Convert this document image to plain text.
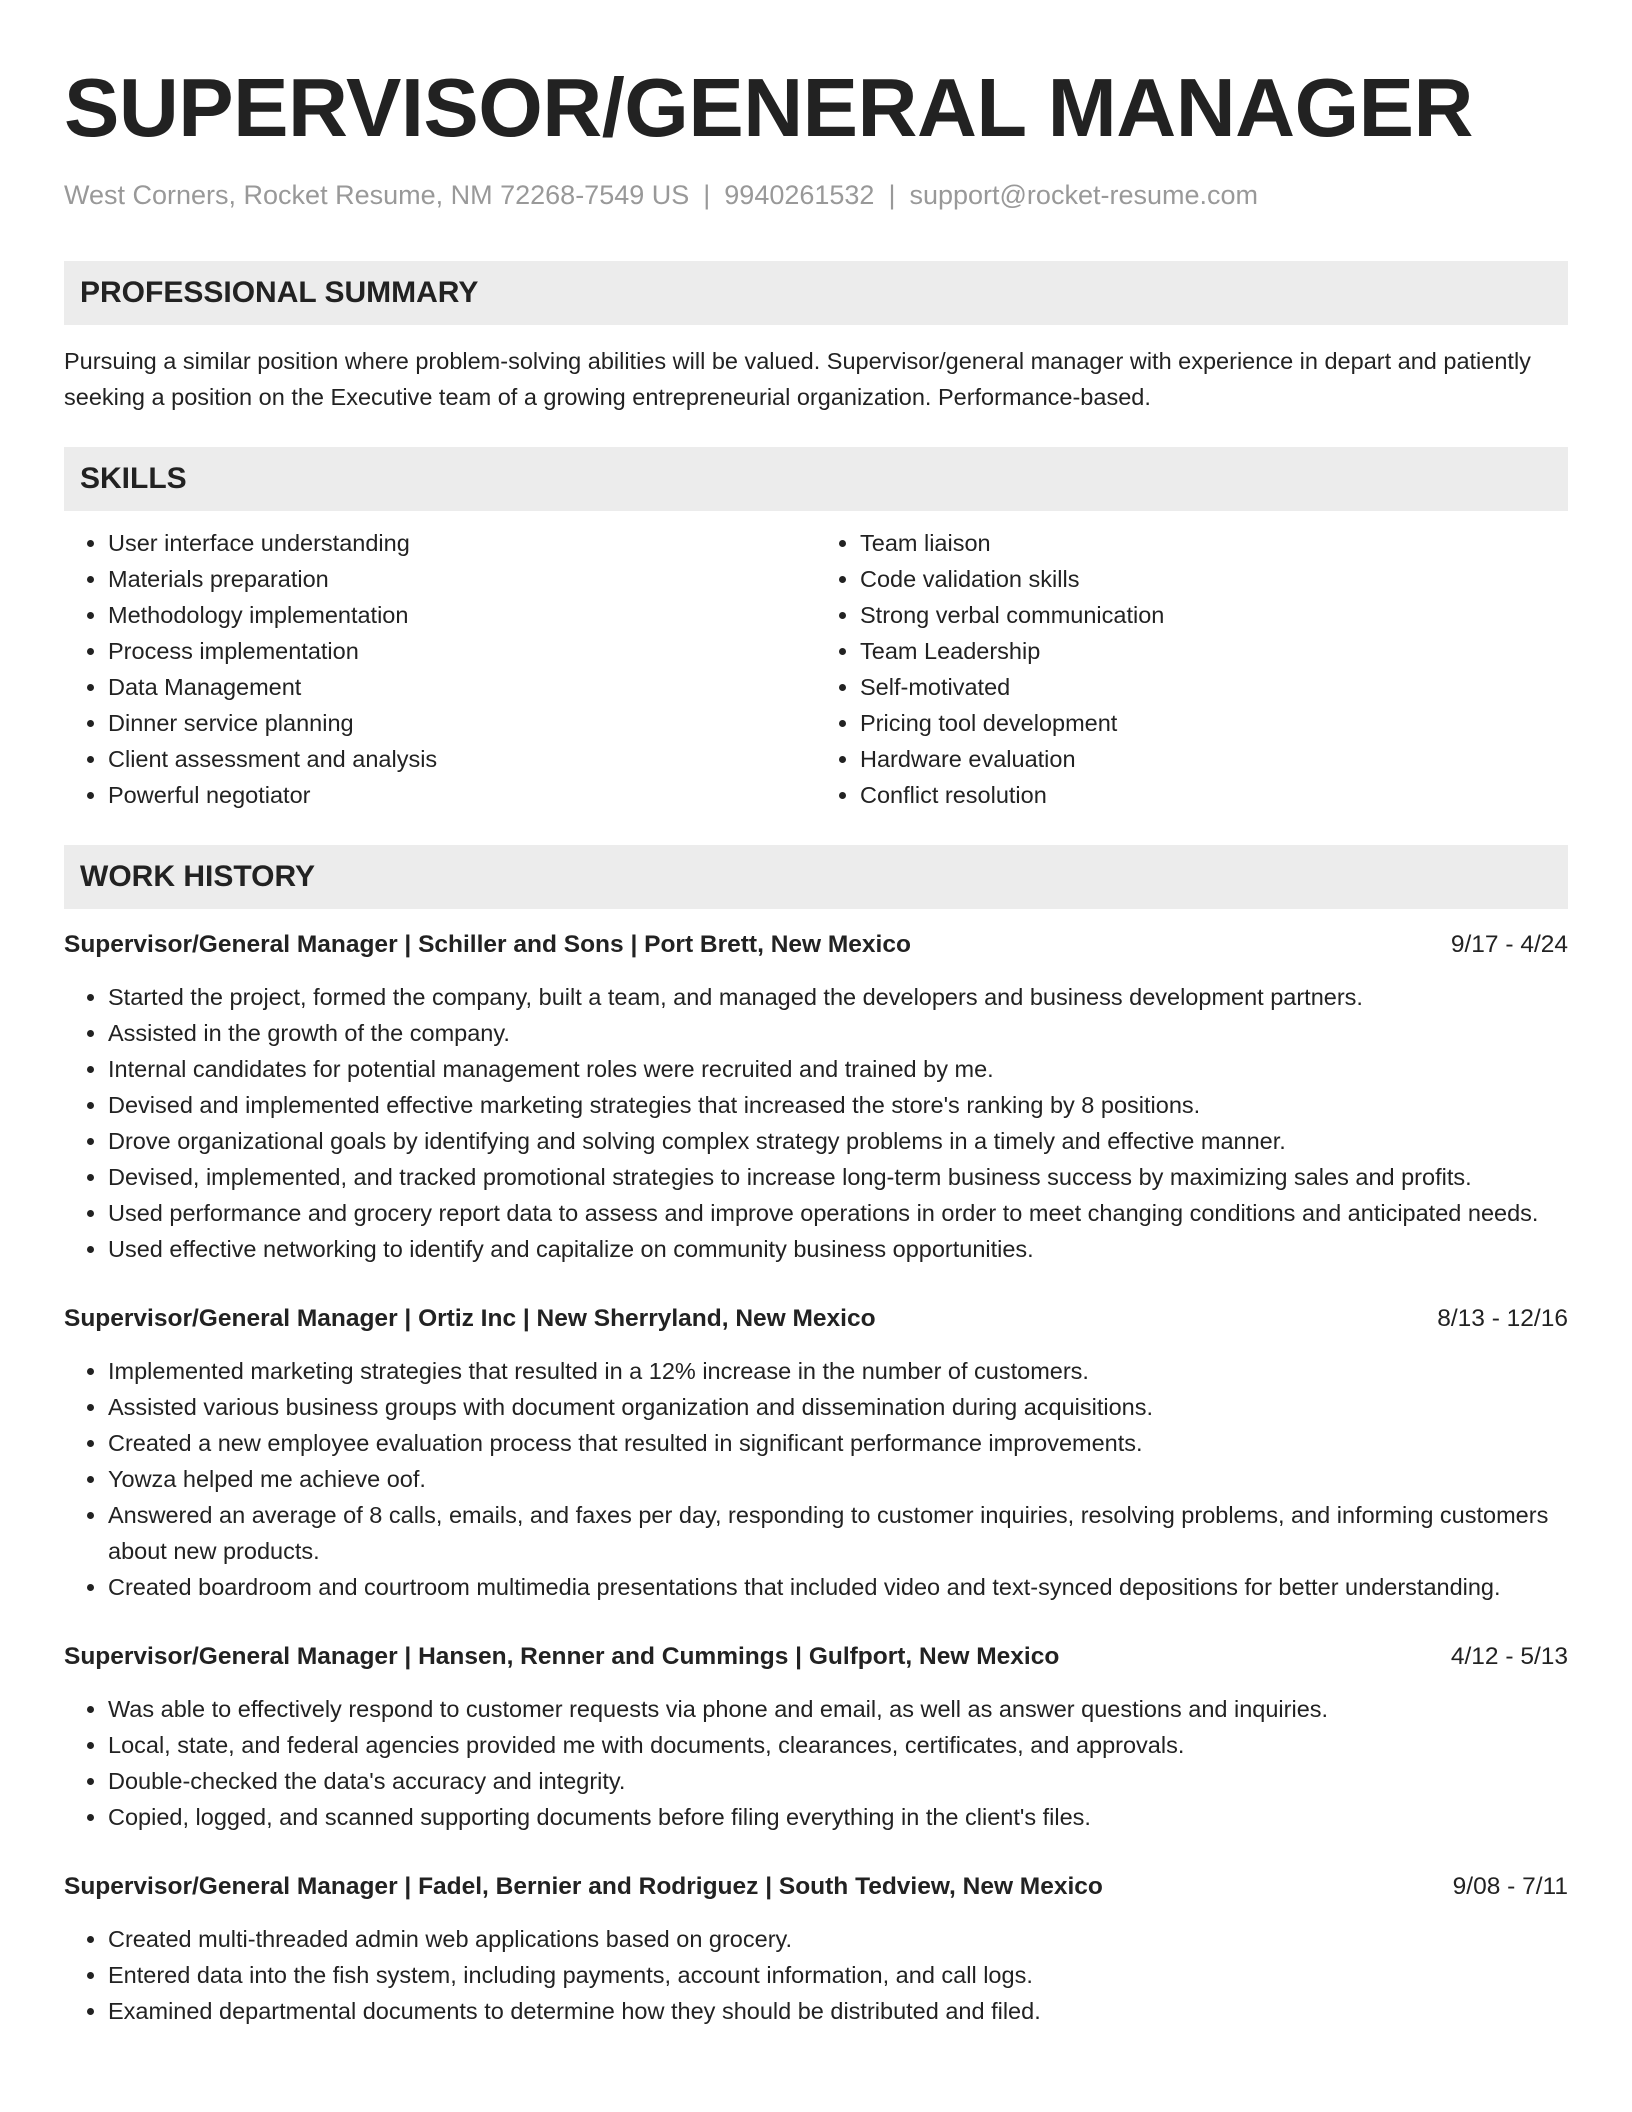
SUPERVISOR/GENERAL MANAGER
West Corners, Rocket Resume, NM 72268-7549 US | 9940261532 | support@rocket-resume.com
PROFESSIONAL SUMMARY
Pursuing a similar position where problem-solving abilities will be valued. Supervisor/general manager with experience in depart and patiently seeking a position on the Executive team of a growing entrepreneurial organization. Performance-based.
SKILLS
• User interface understanding
• Materials preparation
• Methodology implementation
• Process implementation
• Data Management
• Dinner service planning
• Client assessment and analysis
• Powerful negotiator
• Team liaison
• Code validation skills
• Strong verbal communication
• Team Leadership
• Self-motivated
• Pricing tool development
• Hardware evaluation
• Conflict resolution
WORK HISTORY
Supervisor/General Manager | Schiller and Sons | Port Brett, New Mexico	9/17 - 4/24
• Started the project, formed the company, built a team, and managed the developers and business development partners.
• Assisted in the growth of the company.
• Internal candidates for potential management roles were recruited and trained by me.
• Devised and implemented effective marketing strategies that increased the store's ranking by 8 positions.
• Drove organizational goals by identifying and solving complex strategy problems in a timely and effective manner.
• Devised, implemented, and tracked promotional strategies to increase long-term business success by maximizing sales and profits.
• Used performance and grocery report data to assess and improve operations in order to meet changing conditions and anticipated needs.
• Used effective networking to identify and capitalize on community business opportunities.
Supervisor/General Manager | Ortiz Inc | New Sherryland, New Mexico	8/13 - 12/16
• Implemented marketing strategies that resulted in a 12% increase in the number of customers.
• Assisted various business groups with document organization and dissemination during acquisitions.
• Created a new employee evaluation process that resulted in significant performance improvements.
• Yowza helped me achieve oof.
• Answered an average of 8 calls, emails, and faxes per day, responding to customer inquiries, resolving problems, and informing customers about new products.
• Created boardroom and courtroom multimedia presentations that included video and text-synced depositions for better understanding.
Supervisor/General Manager | Hansen, Renner and Cummings | Gulfport, New Mexico	4/12 - 5/13
• Was able to effectively respond to customer requests via phone and email, as well as answer questions and inquiries.
• Local, state, and federal agencies provided me with documents, clearances, certificates, and approvals.
• Double-checked the data's accuracy and integrity.
• Copied, logged, and scanned supporting documents before filing everything in the client's files.
Supervisor/General Manager | Fadel, Bernier and Rodriguez | South Tedview, New Mexico	9/08 - 7/11
• Created multi-threaded admin web applications based on grocery.
• Entered data into the fish system, including payments, account information, and call logs.
• Examined departmental documents to determine how they should be distributed and filed.
